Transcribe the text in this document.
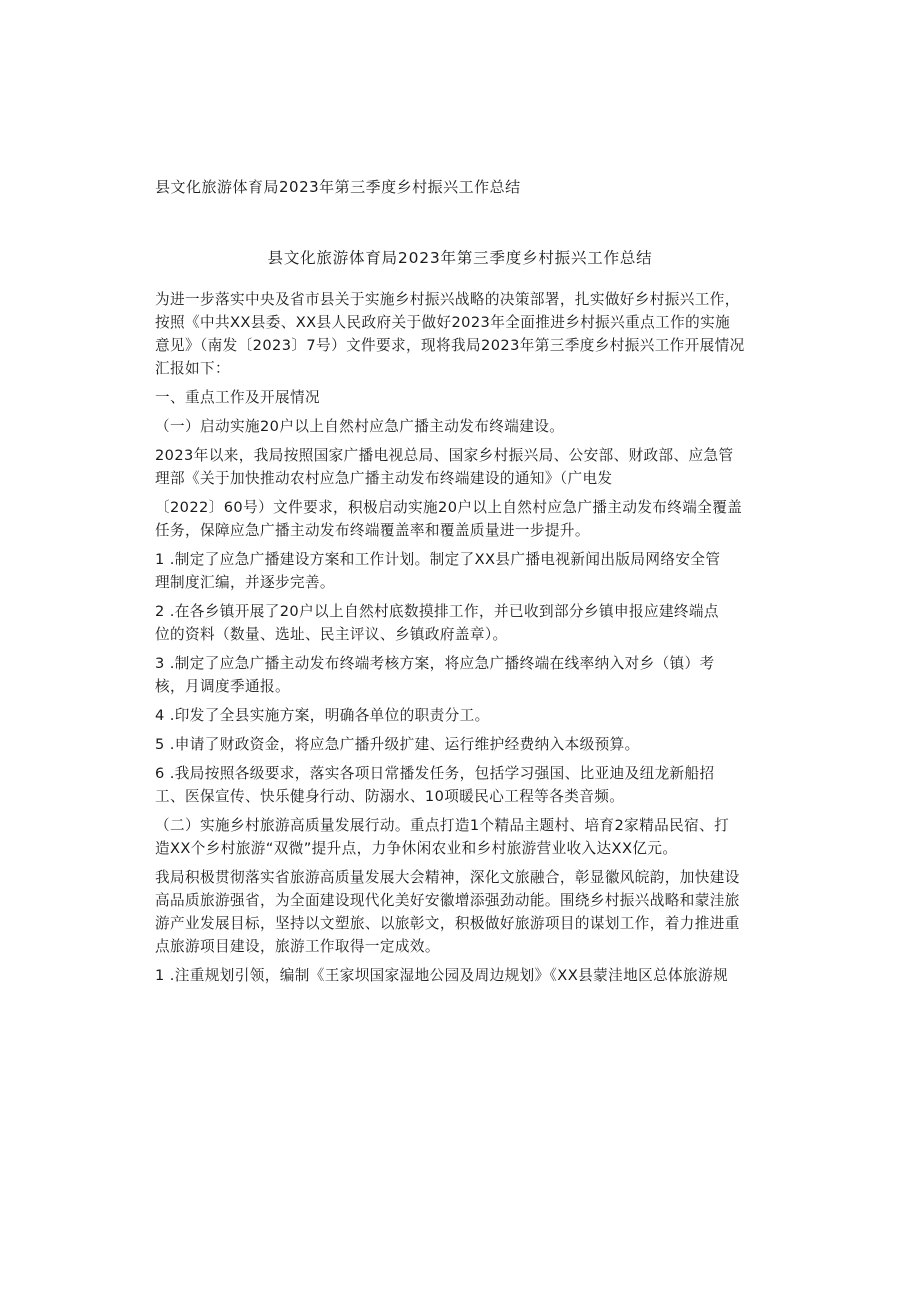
县文化旅游体育局2023年第三季度乡村振兴工作总结
县文化旅游体育局2023年第三季度乡村振兴工作总结
为进一步落实中央及省市县关于实施乡村振兴战略的决策部署，扎实做好乡村振兴工作，
按照《中共XX县委、XX县人民政府关于做好2023年全面推进乡村振兴重点工作的实施
意见》（南发〔2023〕7号）文件要求，现将我局2023年第三季度乡村振兴工作开展情况
汇报如下：
一、重点工作及开展情况
（一）启动实施20户以上自然村应急广播主动发布终端建设。
2023年以来，我局按照国家广播电视总局、国家乡村振兴局、公安部、财政部、应急管
理部《关于加快推动农村应急广播主动发布终端建设的通知》（广电发
〔2022〕60号）文件要求，积极启动实施20户以上自然村应急广播主动发布终端全覆盖
任务，保障应急广播主动发布终端覆盖率和覆盖质量进一步提升。
1 .制定了应急广播建设方案和工作计划。制定了XX县广播电视新闻出版局网络安全管
理制度汇编，并逐步完善。
2 .在各乡镇开展了20户以上自然村底数摸排工作，并已收到部分乡镇申报应建终端点
位的资料（数量、选址、民主评议、乡镇政府盖章）。
3 .制定了应急广播主动发布终端考核方案，将应急广播终端在线率纳入对乡（镇）考
核，月调度季通报。
4 .印发了全县实施方案，明确各单位的职责分工。
5 .申请了财政资金，将应急广播升级扩建、运行维护经费纳入本级预算。
6 .我局按照各级要求，落实各项日常播发任务，包括学习强国、比亚迪及纽龙新船招
工、医保宣传、快乐健身行动、防溺水、10项暖民心工程等各类音频。
（二）实施乡村旅游高质量发展行动。重点打造1个精品主题村、培育2家精品民宿、打
造XX个乡村旅游“双微”提升点，力争休闲农业和乡村旅游营业收入达XX亿元。
我局积极贯彻落实省旅游高质量发展大会精神，深化文旅融合，彰显徽风皖韵，加快建设
高品质旅游强省，为全面建设现代化美好安徽增添强劲动能。围绕乡村振兴战略和蒙洼旅
游产业发展目标，坚持以文塑旅、以旅彰文，积极做好旅游项目的谋划工作，着力推进重
点旅游项目建设，旅游工作取得一定成效。
1 .注重规划引领，编制《王家坝国家湿地公园及周边规划》《XX县蒙洼地区总体旅游规
